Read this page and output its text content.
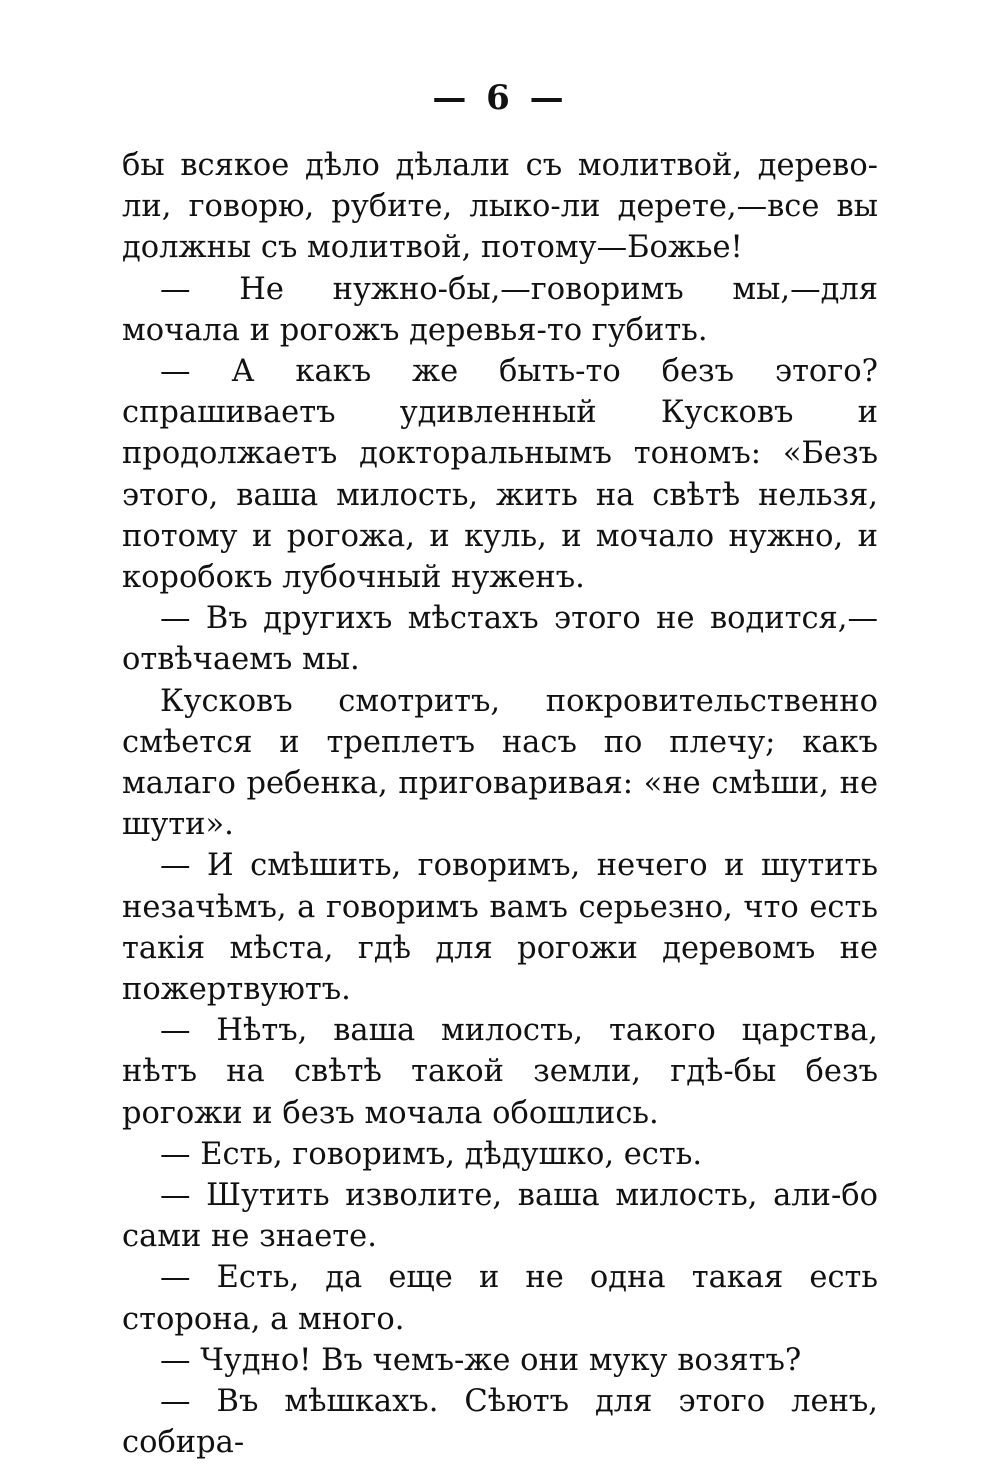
— 6 —

бы всякое дѣло дѣлали съ молитвой, дерево-ли, говорю, рубите, лыко-ли дерете,—все вы должны съ молитвой, потому—Божье!

— Не нужно-бы,—говоримъ мы,—для мочала и рогожъ деревья-то губить.

— А какъ же быть-то безъ этого? спрашиваетъ удивленный Кусковъ и продолжаетъ докторальнымъ тономъ: «Безъ этого, ваша милость, жить на свѣтѣ нельзя, потому и рогожа, и куль, и мочало нужно, и коробокъ лубочный нуженъ.

— Въ другихъ мѣстахъ этого не водится,—отвѣчаемъ мы.

Кусковъ смотритъ, покровительственно смѣется и треплетъ насъ по плечу; какъ малаго ребенка, приговаривая: «не смѣши, не шути».

— И смѣшить, говоримъ, нечего и шутить незачѣмъ, а говоримъ вамъ серьезно, что есть такія мѣста, гдѣ для рогожи деревомъ не пожертвуютъ.

— Нѣтъ, ваша милость, такого царства, нѣтъ на свѣтѣ такой земли, гдѣ-бы безъ рогожи и безъ мочала обошлись.

— Есть, говоримъ, дѣдушко, есть.

— Шутить изволите, ваша милость, али-бо сами не знаете.

— Есть, да еще и не одна такая есть сторона, а много.

— Чудно! Въ чемъ-же они муку возятъ?

— Въ мѣшкахъ. Сѣютъ для этого ленъ, собира-
